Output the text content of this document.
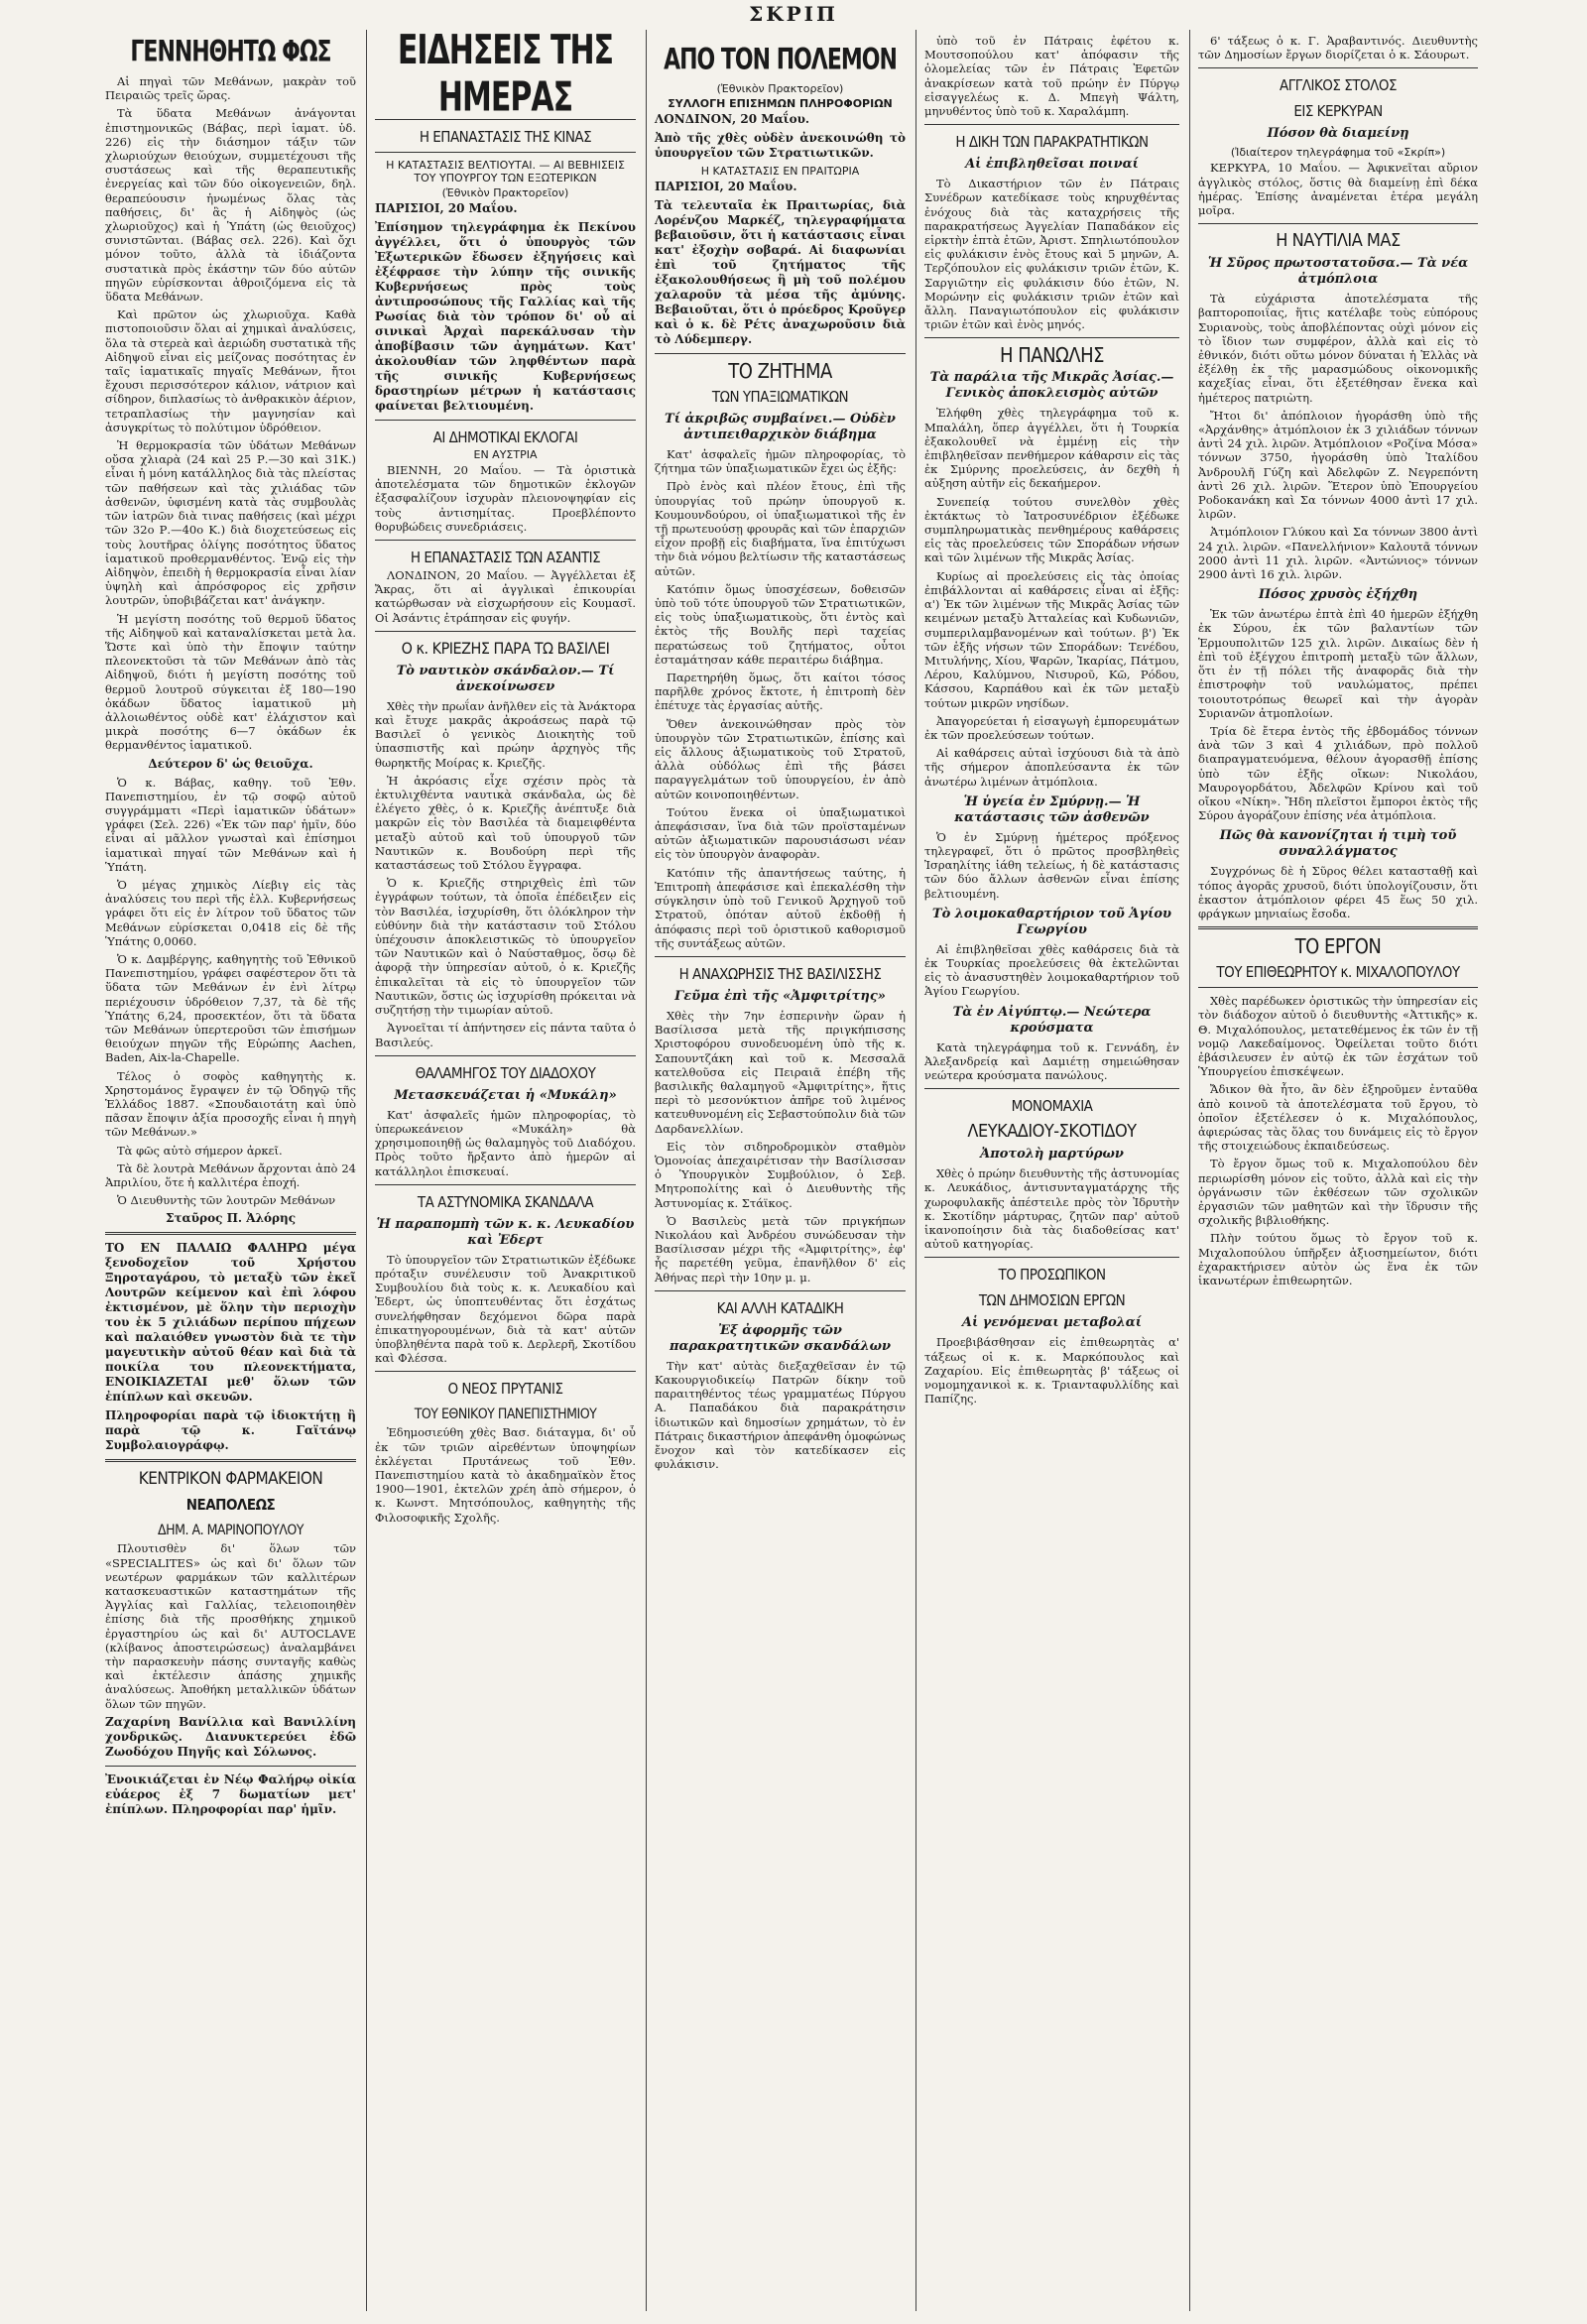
ΣΚΡΙΠ
ΓΕΝΝΗΘΗΤΩ ΦΩΣ

Αἱ πηγαὶ τῶν Μεθάνων, μακρὰν τοῦ Πειραιῶς τρεῖς ὥρας.

Τὰ ὕδατα Μεθάνων ἀνάγονται ἐπιστημονικῶς (Βάβας, περὶ ἰαματ. ὑδ. 226) εἰς τὴν διάσημον τάξιν τῶν χλωριούχων θειούχων, συμμετέχουσι τῆς συστάσεως καὶ τῆς θεραπευτικῆς ἐνεργείας καὶ τῶν δύο οἰκογενειῶν, δηλ. θεραπεύουσιν ἠνωμένως ὅλας τὰς παθήσεις, δι' ἃς ἡ Αἰδηψὸς (ὡς χλωριοῦχος) καὶ ἡ Ὑπάτη (ὡς θειοῦχος) συνιστῶνται. (Βάβας σελ. 226). Καὶ ὄχι μόνον τοῦτο, ἀλλὰ τὰ ἰδιάζοντα συστατικὰ πρὸς ἑκάστην τῶν δύο αὐτῶν πηγῶν εὑρίσκονται ἀθροιζόμενα εἰς τὰ ὕδατα Μεθάνων.

Καὶ πρῶτον ὡς χλωριοῦχα. Καθὰ πιστοποιοῦσιν ὅλαι αἱ χημικαὶ ἀναλύσεις, ὅλα τὰ στερεὰ καὶ ἀεριώδη συστατικὰ τῆς Αἰδηψοῦ εἶναι εἰς μείζονας ποσότητας ἐν ταῖς ἰαματικαῖς πηγαῖς Μεθάνων, ἤτοι ἔχουσι περισσότερον κάλιον, νάτριον καὶ σίδηρον, διπλασίως τὸ ἀνθρακικὸν ἀέριον, τετραπλασίως τὴν μαγνησίαν καὶ ἀσυγκρίτως τὸ πολύτιμον ὑδρόθειον.

Ἡ θερμοκρασία τῶν ὑδάτων Μεθάνων οὔσα χλιαρὰ (24 καὶ 25 Ρ.—30 καὶ 31Κ.) εἶναι ἡ μόνη κατάλληλος διὰ τὰς πλείστας τῶν παθήσεων καὶ τὰς χιλιάδας τῶν ἀσθενῶν, ὑφισμένη κατὰ τὰς συμβουλὰς τῶν ἰατρῶν διὰ τινας παθήσεις (καὶ μέχρι τῶν 32ο Ρ.—40ο Κ.) διὰ διοχετεύσεως εἰς τοὺς λουτῆρας ὀλίγης ποσότητος ὕδατος ἰαματικοῦ προθερμανθέντος. Ἐνῷ εἰς τὴν Αἰδηψὸν, ἐπειδὴ ἡ θερμοκρασία εἶναι λίαν ὑψηλὴ καὶ ἀπρόσφορος εἰς χρῆσιν λουτρῶν, ὑποβιβάζεται κατ' ἀνάγκην.

Ἡ μεγίστη ποσότης τοῦ θερμοῦ ὕδατος τῆς Αἰδηψοῦ καὶ καταναλίσκεται μετὰ λα. Ὥστε καὶ ὑπὸ τὴν ἔποψιν ταύτην πλεονεκτοῦσι τὰ τῶν Μεθάνων ἀπὸ τὰς Αἰδηψοῦ, διότι ἡ μεγίστη ποσότης τοῦ θερμοῦ λουτροῦ σύγκειται ἐξ 180—190 ὀκάδων ὕδατος ἰαματικοῦ μὴ ἀλλοιωθέντος οὐδὲ κατ' ἐλάχιστον καὶ μικρὰ ποσότης 6—7 ὀκάδων ἐκ θερμανθέντος ἰαματικοῦ.

Δεύτερον δ' ὡς θειοῦχα.

Ὁ κ. Βάβας, καθηγ. τοῦ Ἐθν. Πανεπιστημίου, ἐν τῷ σοφῷ αὐτοῦ συγγράμματι «Περὶ ἰαματικῶν ὑδάτων» γράφει (Σελ. 226) «Ἐκ τῶν παρ' ἡμῖν, δύο εἶναι αἱ μᾶλλον γνωσταὶ καὶ ἐπίσημοι ἰαματικαὶ πηγαί τῶν Μεθάνων καὶ ἡ Ὑπάτη.

Ὁ μέγας χημικὸς Λίεβιγ εἰς τὰς ἀναλύσεις του περὶ τῆς ἐλλ. Κυβερνήσεως γράφει ὅτι εἰς ἐν λίτρον τοῦ ὕδατος τῶν Μεθάνων εὑρίσκεται 0,0418 εἰς δὲ τῆς Ὑπάτης 0,0060.

Ὁ κ. Δαμβέργης, καθηγητὴς τοῦ Ἐθνικοῦ Πανεπιστημίου, γράφει σαφέστερον ὅτι τὰ ὕδατα τῶν Μεθάνων ἐν ἐνὶ λίτρῳ περιέχουσιν ὑδρόθειον 7,37, τὰ δὲ τῆς Ὑπάτης 6,24, προσεκτέον, ὅτι τὰ ὕδατα τῶν Μεθάνων ὑπερτεροῦσι τῶν ἐπισήμων θειούχων πηγῶν τῆς Εὐρώπης Aachen, Baden, Aix-la-Chapelle.

Τέλος ὁ σοφὸς καθηγητὴς κ. Χρηστομάνος ἔγραψεν ἐν τῷ Ὁδηγῷ τῆς Ἑλλάδος 1887. «Σπουδαιοτάτη καὶ ὑπὸ πᾶσαν ἔποψιν ἀξία προσοχῆς εἶναι ἡ πηγὴ τῶν Μεθάνων.»

Τὰ φῶς αὐτὸ σήμερον ἀρκεῖ.

Τὰ δὲ λουτρὰ Μεθάνων ἄρχονται ἀπὸ 24 Ἀπριλίου, ὅτε ἡ καλλιτέρα ἐποχή.

Ὁ Διευθυντὴς τῶν λουτρῶν Μεθάνων

Σταῦρος Π. Ἀλόρης

ΤΟ ΕΝ ΠΑΛΑΙΩ ΦΑΛΗΡΩ μέγα ξενοδοχεῖον τοῦ Χρήστου Ξηροταγάρου, τὸ μεταξὺ τῶν ἐκεῖ Λουτρῶν κείμενον καὶ ἐπὶ λόφου ἐκτισμένον, μὲ ὅλην τὴν περιοχὴν του ἐκ 5 χιλιάδων περίπου πήχεων καὶ παλαιόθεν γνωστὸν διὰ τε τὴν μαγευτικὴν αὐτοῦ θέαν καὶ διὰ τὰ ποικίλα του πλεονεκτήματα, ΕΝΟΙΚΙΑΖΕΤΑΙ μεθ' ὅλων τῶν ἐπίπλων καὶ σκευῶν.

Πληροφορίαι παρὰ τῷ ἰδιοκτήτῃ ἢ παρὰ τῷ κ. Γαϊτάνῳ Συμβολαιογράφῳ.

ΚΕΝΤΡΙΚΟΝ ΦΑΡΜΑΚΕΙΟΝ
ΝΕΑΠΟΛΕΩΣ
ΔΗΜ. Α. ΜΑΡΙΝΟΠΟΥΛΟΥ

Πλουτισθὲν δι' ὅλων τῶν «SPECIALITES» ὡς καὶ δι' ὅλων τῶν νεωτέρων φαρμάκων τῶν καλλιτέρων κατασκευαστικῶν καταστημάτων τῆς Ἀγγλίας καὶ Γαλλίας, τελειοποιηθὲν ἐπίσης διὰ τῆς προσθήκης χημικοῦ ἐργαστηρίου ὡς καὶ δι' AUTOCLAVE (κλίβανος ἀποστειρώσεως) ἀναλαμβάνει τὴν παρασκευὴν πάσης συνταγῆς καθὼς καὶ ἐκτέλεσιν ἁπάσης χημικῆς ἀναλύσεως. Ἀποθήκη μεταλλικῶν ὑδάτων ὅλων τῶν πηγῶν.

Ζαχαρίνη Βανίλλια καὶ Βανιλλίνη χονδρικῶς. Διανυκτερεύει ἐδῶ Ζωοδόχου Πηγῆς καὶ Σόλωνος.

Ἐνοικιάζεται ἐν Νέῳ Φαλήρῳ οἰκία εὐάερος ἐξ 7 δωματίων μετ' ἐπίπλων. Πληροφορίαι παρ' ἡμῖν.

ΕΙΔΗΣΕΙΣ ΤΗΣ ΗΜΕΡΑΣ
Η ΕΠΑΝΑΣΤΑΣΙΣ ΤΗΣ ΚΙΝΑΣ
Η ΚΑΤΑΣΤΑΣΙΣ ΒΕΛΤΙΟΥΤΑΙ. — ΑΙ ΒΕΒΗΙΣΕΙΣ ΤΟΥ ΥΠΟΥΡΓΟΥ ΤΩΝ ΕΞΩΤΕΡΙΚΩΝ
(Ἐθνικὸν Πρακτορεῖον)

ΠΑΡΙΣΙΟΙ, 20 Μαΐου.

Ἐπίσημον τηλεγράφημα ἐκ Πεκίνου ἀγγέλλει, ὅτι ὁ ὑπουργὸς τῶν Ἐξωτερικῶν ἔδωσεν ἐξηγήσεις καὶ ἐξέφρασε τὴν λύπην τῆς σινικῆς Κυβερνήσεως πρὸς τοὺς ἀντιπροσώπους τῆς Γαλλίας καὶ τῆς Ρωσίας διὰ τὸν τρόπον δι' οὗ αἱ σινικαὶ Ἀρχαὶ παρεκάλυσαν τὴν ἀποβίβασιν τῶν ἀγημάτων. Κατ' ἀκολουθίαν τῶν ληφθέντων παρὰ τῆς σινικῆς Κυβερνήσεως δραστηρίων μέτρων ἡ κατάστασις φαίνεται βελτιουμένη.

ΑΙ ΔΗΜΟΤΙΚΑΙ ΕΚΛΟΓΑΙ
ΕΝ ΑΥΣΤΡΙΑ

ΒΙΕΝΝΗ, 20 Μαΐου. — Τὰ ὁριστικὰ ἀποτελέσματα τῶν δημοτικῶν ἐκλογῶν ἐξασφαλίζουν ἰσχυρὰν πλειονοψηφίαν εἰς τοὺς ἀντισημίτας. Προεβλέποντο θορυβώδεις συνεδριάσεις.

Η ΕΠΑΝΑΣΤΑΣΙΣ ΤΩΝ ΑΣΑΝΤΙΣ

ΛΟΝΔΙΝΟΝ, 20 Μαΐου. — Ἀγγέλλεται ἐξ Ἄκρας, ὅτι αἱ ἀγγλικαὶ ἐπικουρίαι κατώρθωσαν νὰ εἰσχωρήσουν εἰς Κουμασῖ. Οἱ Ἀσάντις ἐτράπησαν εἰς φυγήν.

Ο κ. ΚΡΙΕΖΗΣ ΠΑΡΑ ΤΩ ΒΑΣΙΛΕΙ
Τὸ ναυτικὸν σκάνδαλον.— Τί ἀνεκοίνωσεν

Χθὲς τὴν πρωΐαν ἀνῆλθεν εἰς τὰ Ἀνάκτορα καὶ ἔτυχε μακρᾶς ἀκροάσεως παρὰ τῷ Βασιλεῖ ὁ γενικὸς Διοικητὴς τοῦ ὑπασπιστῆς καὶ πρώην ἀρχηγὸς τῆς θωρηκτῆς Μοίρας κ. Κριεζῆς.

Ἡ ἀκρόασις εἶχε σχέσιν πρὸς τὰ ἐκτυλιχθέντα ναυτικὰ σκάνδαλα, ὡς δὲ ἐλέγετο χθὲς, ὁ κ. Κριεζῆς ἀνέπτυξε διὰ μακρῶν εἰς τὸν Βασιλέα τὰ διαμειφθέντα μεταξὺ αὐτοῦ καὶ τοῦ ὑπουργοῦ τῶν Ναυτικῶν κ. Βουδούρη περὶ τῆς καταστάσεως τοῦ Στόλου ἔγγραφα.

Ὁ κ. Κριεζῆς στηριχθεὶς ἐπὶ τῶν ἐγγράφων τούτων, τὰ ὁποῖα ἐπέδειξεν εἰς τὸν Βασιλέα, ἰσχυρίσθη, ὅτι ὁλόκληρον τὴν εὐθύνην διὰ τὴν κατάστασιν τοῦ Στόλου ὑπέχουσιν ἀποκλειστικῶς τὸ ὑπουργεῖον τῶν Ναυτικῶν καὶ ὁ Ναύσταθμος, ὅσῳ δὲ ἀφορᾷ τὴν ὑπηρεσίαν αὐτοῦ, ὁ κ. Κριεζῆς ἐπικαλεῖται τὰ εἰς τὸ ὑπουργεῖον τῶν Ναυτικῶν, ὅστις ὡς ἰσχυρίσθη πρόκειται νὰ συζητήσῃ τὴν τιμωρίαν αὐτοῦ.

Ἀγνοεῖται τί ἀπήντησεν εἰς πάντα ταῦτα ὁ Βασιλεύς.

ΘΑΛΑΜΗΓΟΣ ΤΟΥ ΔΙΑΔΟΧΟΥ
Μετασκευάζεται ἡ «Μυκάλη»

Κατ' ἀσφαλεῖς ἡμῶν πληροφορίας, τὸ ὑπερωκεάνειον «Μυκάλη» θὰ χρησιμοποιηθῇ ὡς θαλαμηγὸς τοῦ Διαδόχου. Πρὸς τοῦτο ἤρξαντο ἀπὸ ἡμερῶν αἱ κατάλληλοι ἐπισκευαί.

ΤΑ ΑΣΤΥΝΟΜΙΚΑ ΣΚΑΝΔΑΛΑ
Ἡ παραπομπὴ τῶν κ. κ. Λευκαδίου καὶ Ἐδερτ

Τὸ ὑπουργεῖον τῶν Στρατιωτικῶν ἐξέδωκε πρόταξιν συνέλευσιν τοῦ Ἀνακριτικοῦ Συμβουλίου διὰ τοὺς κ. κ. Λευκαδίου καὶ Ἐδερτ, ὡς ὑποπτευθέντας ὅτι ἐσχάτως συνελήφθησαν δεχόμενοι δῶρα παρὰ ἐπικατηγορουμένων, διὰ τὰ κατ' αὐτῶν ὑποβληθέντα παρὰ τοῦ κ. Δερλερῆ, Σκοτίδου καὶ Φλέσσα.

Ο ΝΕΟΣ ΠΡΥΤΑΝΙΣ
ΤΟΥ ΕΘΝΙΚΟΥ ΠΑΝΕΠΙΣΤΗΜΙΟΥ

Ἐδημοσιεύθη χθὲς Βασ. διάταγμα, δι' οὗ ἐκ τῶν τριῶν αἱρεθέντων ὑποψηφίων ἐκλέγεται Πρυτάνεως τοῦ Ἐθν. Πανεπιστημίου κατὰ τὸ ἀκαδημαϊκὸν ἔτος 1900—1901, ἐκτελῶν χρέη ἀπὸ σήμερον, ὁ κ. Κωνστ. Μητσόπουλος, καθηγητὴς τῆς Φιλοσοφικῆς Σχολῆς.

ΑΠΟ ΤΟΝ ΠΟΛΕΜΟΝ
(Ἐθνικὸν Πρακτορεῖον)
ΣΥΛΛΟΓΗ ΕΠΙΣΗΜΩΝ ΠΛΗΡΟΦΟΡΙΩΝ

ΛΟΝΔΙΝΟΝ, 20 Μαΐου.

Ἀπὸ τῆς χθὲς οὐδὲν ἀνεκοινώθη τὸ ὑπουργεῖον τῶν Στρατιωτικῶν.

Η ΚΑΤΑΣΤΑΣΙΣ ΕΝ ΠΡΑΙΤΩΡΙΑ

ΠΑΡΙΣΙΟΙ, 20 Μαΐου.

Τὰ τελευταῖα ἐκ Πραιτωρίας, διὰ Λορένζου Μαρκέζ, τηλεγραφήματα βεβαιοῦσιν, ὅτι ἡ κατάστασις εἶναι κατ' ἐξοχὴν σοβαρά. Αἱ διαφωνίαι ἐπὶ τοῦ ζητήματος τῆς ἐξακολουθήσεως ἢ μὴ τοῦ πολέμου χαλαροῦν τὰ μέσα τῆς ἀμύνης. Βεβαιοῦται, ὅτι ὁ πρόεδρος Κροῦγερ καὶ ὁ κ. δὲ Ρέτς ἀναχωροῦσιν διὰ τὸ Λύδεμπεργ.

ΤΟ ΖΗΤΗΜΑ
ΤΩΝ ΥΠΑΞΙΩΜΑΤΙΚΩΝ
Τί ἀκριβῶς συμβαίνει.— Οὐδὲν ἀντιπειθαρχικὸν διάβημα

Κατ' ἀσφαλεῖς ἡμῶν πληροφορίας, τὸ ζήτημα τῶν ὑπαξιωματικῶν ἔχει ὡς ἑξῆς:

Πρὸ ἑνὸς καὶ πλέον ἔτους, ἐπὶ τῆς ὑπουργίας τοῦ πρώην ὑπουργοῦ κ. Κουμουνδούρου, οἱ ὑπαξιωματικοὶ τῆς ἐν τῇ πρωτευούσῃ φρουρᾶς καὶ τῶν ἐπαρχιῶν εἶχον προβῇ εἰς διαβήματα, ἵνα ἐπιτύχωσι τὴν διὰ νόμου βελτίωσιν τῆς καταστάσεως αὐτῶν.

Κατόπιν ὅμως ὑποσχέσεων, δοθεισῶν ὑπὸ τοῦ τότε ὑπουργοῦ τῶν Στρατιωτικῶν, εἰς τοὺς ὑπαξιωματικοὺς, ὅτι ἐντὸς καὶ ἐκτὸς τῆς Βουλῆς περὶ ταχείας περατώσεως τοῦ ζητήματος, οὗτοι ἐσταμάτησαν κάθε περαιτέρω διάβημα.

Παρετηρήθη ὅμως, ὅτι καίτοι τόσος παρῆλθε χρόνος ἔκτοτε, ἡ ἐπιτροπὴ δὲν ἐπέτυχε τὰς ἐργασίας αὐτῆς.

Ὅθεν ἀνεκοινώθησαν πρὸς τὸν ὑπουργὸν τῶν Στρατιωτικῶν, ἐπίσης καὶ εἰς ἄλλους ἀξιωματικοὺς τοῦ Στρατοῦ, ἀλλὰ οὐδόλως ἐπὶ τῆς βάσει παραγγελμάτων τοῦ ὑπουργείου, ἐν ἀπὸ αὐτῶν κοινοποιηθέντων.

Τούτου ἕνεκα οἱ ὑπαξιωματικοὶ ἀπεφάσισαν, ἵνα διὰ τῶν προϊσταμένων αὐτῶν ἀξιωματικῶν παρουσιάσωσι νέαν εἰς τὸν ὑπουργὸν ἀναφορὰν.

Κατόπιν τῆς ἀπαντήσεως ταύτης, ἡ Ἐπιτροπὴ ἀπεφάσισε καὶ ἐπεκαλέσθη τὴν σύγκλησιν ὑπὸ τοῦ Γενικοῦ Ἀρχηγοῦ τοῦ Στρατοῦ, ὁπόταν αὐτοῦ ἐκδοθῇ ἡ ἀπόφασις περὶ τοῦ ὁριστικοῦ καθορισμοῦ τῆς συντάξεως αὐτῶν.

Η ΑΝΑΧΩΡΗΣΙΣ ΤΗΣ ΒΑΣΙΛΙΣΣΗΣ
Γεῦμα ἐπὶ τῆς «Ἀμφιτρίτης»

Χθὲς τὴν 7ην ἑσπερινὴν ὥραν ἡ Βασίλισσα μετὰ τῆς πριγκήπισσης Χριστοφόρου συνοδευομένη ὑπὸ τῆς κ. Σαπουντζάκη καὶ τοῦ κ. Μεσσαλᾶ κατελθοῦσα εἰς Πειραιᾶ ἐπέβη τῆς βασιλικῆς θαλαμηγοῦ «Ἀμφιτρίτης», ἥτις περὶ τὸ μεσονύκτιον ἀπῆρε τοῦ λιμένος κατευθυνομένη εἰς Σεβαστούπολιν διὰ τῶν Δαρδανελλίων.

Εἰς τὸν σιδηροδρομικὸν σταθμὸν Ὁμονοίας ἀπεχαιρέτισαν τὴν Βασίλισσαν ὁ Ὑπουργικὸν Συμβούλιον, ὁ Σεβ. Μητροπολίτης καὶ ὁ Διευθυντὴς τῆς Ἀστυνομίας κ. Στάϊκος.

Ὁ Βασιλεὺς μετὰ τῶν πριγκήπων Νικολάου καὶ Ἀνδρέου συνώδευσαν τὴν Βασίλισσαν μέχρι τῆς «Ἀμφιτρίτης», ἐφ' ἧς παρετέθη γεῦμα, ἐπανῆλθον δ' εἰς Ἀθήνας περὶ τὴν 10ην μ. μ.

ΚΑΙ ΑΛΛΗ ΚΑΤΑΔΙΚΗ
Ἐξ ἀφορμῆς τῶν παρακρατητικῶν σκανδάλων

Τὴν κατ' αὐτὰς διεξαχθεῖσαν ἐν τῷ Κακουργιοδικείῳ Πατρῶν δίκην τοῦ παραιτηθέντος τέως γραμματέως Πύργου Α. Παπαδάκου διὰ παρακράτησιν ἰδιωτικῶν καὶ δημοσίων χρημάτων, τὸ ἐν Πάτραις δικαστήριον ἀπεφάνθη ὁμοφώνως ἔνοχον καὶ τὸν κατεδίκασεν εἰς φυλάκισιν.

ὑπὸ τοῦ ἐν Πάτραις ἐφέτου κ. Μουτσοπούλου κατ' ἀπόφασιν τῆς ὁλομελείας τῶν ἐν Πάτραις Ἐφετῶν ἀνακρίσεων κατὰ τοῦ πρώην ἐν Πύργῳ εἰσαγγελέως κ. Δ. Μπεγὴ Ψάλτη, μηνυθέντος ὑπὸ τοῦ κ. Χαραλάμπη.

Η ΔΙΚΗ ΤΩΝ ΠΑΡΑΚΡΑΤΗΤΙΚΩΝ
Αἱ ἐπιβληθεῖσαι ποιναί

Τὸ Δικαστήριον τῶν ἐν Πάτραις Συνέδρων κατεδίκασε τοὺς κηρυχθέντας ἐνόχους διὰ τὰς καταχρήσεις τῆς παρακρατήσεως Ἀγγελίαν Παπαδάκον εἰς εἱρκτὴν ἑπτὰ ἐτῶν, Ἀριστ. Σπηλιωτόπουλον εἰς φυλάκισιν ἑνὸς ἔτους καὶ 5 μηνῶν, Α. Τερζόπουλον εἰς φυλάκισιν τριῶν ἐτῶν, Κ. Σαργιῶτην εἰς φυλάκισιν δύο ἐτῶν, Ν. Μορώνην εἰς φυλάκισιν τριῶν ἐτῶν καὶ ἄλλη. Παναγιωτόπουλον εἰς φυλάκισιν τριῶν ἐτῶν καὶ ἑνὸς μηνός.

Η ΠΑΝΩΛΗΣ
Τὰ παράλια τῆς Μικρᾶς Ἀσίας.— Γενικὸς ἀποκλεισμὸς αὐτῶν

Ἐλήφθη χθὲς τηλεγράφημα τοῦ κ. Μπαλάλη, ὅπερ ἀγγέλλει, ὅτι ἡ Τουρκία ἐξακολουθεῖ νὰ ἐμμένῃ εἰς τὴν ἐπιβληθεῖσαν πενθήμερον κάθαρσιν εἰς τὰς ἐκ Σμύρνης προελεύσεις, ἀν δεχθὴ ἡ αὐξηση αὐτῆν εἰς δεκαήμερον.

Συνεπείᾳ τούτου συνελθὸν χθὲς ἐκτάκτως τὸ Ἰατροσυνέδριον ἐξέδωκε συμπληρωματικὰς πενθημέρους καθάρσεις εἰς τὰς προελεύσεις τῶν Σποράδων νήσων καὶ τῶν λιμένων τῆς Μικρᾶς Ἀσίας.

Κυρίως αἱ προελεύσεις εἰς τὰς ὁποίας ἐπιβάλλονται αἱ καθάρσεις εἶναι αἱ ἑξῆς: α') Ἐκ τῶν λιμένων τῆς Μικρᾶς Ἀσίας τῶν κειμένων μεταξὺ Ἀτταλείας καὶ Κυδωνιῶν, συμπεριλαμβανομένων καὶ τούτων. β') Ἐκ τῶν ἑξῆς νήσων τῶν Σποράδων: Τενέδου, Μιτυλήνης, Χίου, Ψαρῶν, Ἰκαρίας, Πάτμου, Λέρου, Καλύμνου, Νισυροῦ, Κῶ, Ρόδου, Κάσσου, Καρπάθου καὶ ἐκ τῶν μεταξὺ τούτων μικρῶν νησίδων.

Ἀπαγορεύεται ἡ εἰσαγωγὴ ἐμπορευμάτων ἐκ τῶν προελεύσεων τούτων.

Αἱ καθάρσεις αὐταὶ ἰσχύουσι διὰ τὰ ἀπὸ τῆς σήμερον ἀποπλεύσαντα ἐκ τῶν ἀνωτέρω λιμένων ἀτμόπλοια.

Ἡ ὑγεία ἐν Σμύρνῃ.— Ἡ κατάστασις τῶν ἀσθενῶν

Ὁ ἐν Σμύρνῃ ἡμέτερος πρόξενος τηλεγραφεῖ, ὅτι ὁ πρῶτος προσβληθεὶς Ἰσραηλίτης ἰάθη τελείως, ἡ δὲ κατάστασις τῶν δύο ἄλλων ἀσθενῶν εἶναι ἐπίσης βελτιουμένη.

Τὸ λοιμοκαθαρτήριον τοῦ Ἁγίου Γεωργίου

Αἱ ἐπιβληθεῖσαι χθὲς καθάρσεις διὰ τὰ ἐκ Τουρκίας προελεύσεις θὰ ἐκτελῶνται εἰς τὸ ἀνασυστηθὲν λοιμοκαθαρτήριον τοῦ Ἁγίου Γεωργίου.

Τὰ ἐν Αἰγύπτῳ.— Νεώτερα κρούσματα

Κατὰ τηλεγράφημα τοῦ κ. Γεννάδη, ἐν Ἀλεξανδρείᾳ καὶ Δαμιέτῃ σημειώθησαν νεώτερα κρούσματα πανώλους.

ΜΟΝΟΜΑΧΙΑ
ΛΕΥΚΑΔΙΟΥ-ΣΚΟΤΙΔΟΥ
Ἀποτολὴ μαρτύρων

Χθὲς ὁ πρώην διευθυντὴς τῆς ἀστυνομίας κ. Λευκάδιος, ἀντισυνταγματάρχης τῆς χωροφυλακῆς ἀπέστειλε πρὸς τὸν Ἰδρυτὴν κ. Σκοτίδην μάρτυρας, ζητῶν παρ' αὐτοῦ ἱκανοποίησιν διὰ τὰς διαδοθείσας κατ' αὐτοῦ κατηγορίας.

ΤΟ ΠΡΟΣΩΠΙΚΟΝ
ΤΩΝ ΔΗΜΟΣΙΩΝ ΕΡΓΩΝ
Αἱ γενόμεναι μεταβολαί

Προεβιβάσθησαν εἰς ἐπιθεωρητὰς α' τάξεως οἱ κ. κ. Μαρκόπουλος καὶ Ζαχαρίου. Εἰς ἐπιθεωρητὰς β' τάξεως οἱ νομομηχανικοὶ κ. κ. Τριανταφυλλίδης καὶ Παπίζης.

6' τάξεως ὁ κ. Γ. Ἀραβαντινός. Διευθυντὴς τῶν Δημοσίων ἔργων διορίζεται ὁ κ. Σάουρωτ.

ΑΓΓΛΙΚΟΣ ΣΤΟΛΟΣ
ΕΙΣ ΚΕΡΚΥΡΑΝ
Πόσον θὰ διαμείνῃ
(Ἰδιαίτερον τηλεγράφημα τοῦ «Σκρίπ»)

ΚΕΡΚΥΡΑ, 10 Μαΐου. — Ἀφικνεῖται αὔριον ἀγγλικὸς στόλος, ὅστις θὰ διαμείνῃ ἐπὶ δέκα ἡμέρας. Ἐπίσης ἀναμένεται ἐτέρα μεγάλη μοῖρα.

Η ΝΑΥΤΙΛΙΑ ΜΑΣ
Ἡ Σῦρος πρωτοστατοῦσα.— Τὰ νέα ἀτμόπλοια

Τὰ εὐχάριστα ἀποτελέσματα τῆς βαπτοροποιΐας, ἥτις κατέλαβε τοὺς εὐπόρους Συριανοὺς, τοὺς ἀποβλέποντας οὐχὶ μόνον εἰς τὸ ἴδιον των συμφέρον, ἀλλὰ καὶ εἰς τὸ ἐθνικόν, διότι οὕτω μόνον δύναται ἡ Ἑλλὰς νὰ ἐξέλθῃ ἐκ τῆς μαρασμώδους οἰκονομικῆς καχεξίας εἶναι, ὅτι ἐξετέθησαν ἕνεκα καὶ ἠμέτερος πατριὼτη.

Ἤτοι δι' ἀπόπλοιον ἠγοράσθη ὑπὸ τῆς «Ἀρχάνθης» ἀτμόπλοιον ἐκ 3 χιλιάδων τόννων ἀντὶ 24 χιλ. λιρῶν. Ἀτμόπλοιον «Ροζίνα Μόσα» τόννων 3750, ἠγοράσθη ὑπὸ Ἰταλίδου Ἀνδρουλῆ Γύζη καὶ Ἀδελφῶν Ζ. Νεγρεπόντη ἀντὶ 26 χιλ. λιρῶν. Ἕτερον ὑπὸ Ἐπουργείου Ροδοκανάκη καὶ Σα τόννων 4000 ἀντὶ 17 χιλ. λιρῶν.

Ἀτμόπλοιον Γλύκου καὶ Σα τόννων 3800 ἀντὶ 24 χιλ. λιρῶν. «Πανελλήνιον» Καλουτᾶ τόννων 2000 ἀντὶ 11 χιλ. λιρῶν. «Ἀντώνιος» τόννων 2900 ἀντὶ 16 χιλ. λιρῶν.

Πόσος χρυσὸς ἐξήχθη

Ἐκ τῶν ἀνωτέρω ἐπτὰ ἐπὶ 40 ἡμερῶν ἐξήχθη ἐκ Σύρου, ἐκ τῶν βαλαντίων τῶν Ἑρμουπολιτῶν 125 χιλ. λιρῶν. Δικαίως δὲν ἡ ἐπὶ τοῦ ἐξέγχου ἐπιτροπὴ μεταξὺ τῶν ἄλλων, ὅτι ἐν τῇ πόλει τῆς ἀναφορᾶς διὰ τὴν ἐπιστροφὴν τοῦ ναυλώματος, πρέπει τοιουτοτρόπως θεωρεῖ καὶ τὴν ἀγορὰν Συριανῶν ἀτμοπλοίων.

Τρία δὲ ἔτερα ἐντὸς τῆς ἑβδομάδος τόννων ἀνὰ τῶν 3 καὶ 4 χιλιάδων, πρὸ πολλοῦ διαπραγματευόμενα, θέλουν ἀγορασθῇ ἐπίσης ὑπὸ τῶν ἑξῆς οἴκων: Νικολάου, Μαυρογορδάτου, Ἀδελφῶν Κρίνου καὶ τοῦ οἴκου «Νίκη». Ἤδη πλεῖστοι ἔμποροι ἐκτὸς τῆς Σύρου ἀγοράζουν ἐπίσης νέα ἀτμόπλοια.

Πῶς θὰ κανονίζηται ἡ τιμὴ τοῦ συναλλάγματος

Συγχρόνως δὲ ἡ Σῦρος θέλει κατασταθῇ καὶ τόπος ἀγορᾶς χρυσοῦ, διότι ὑπολογίζουσιν, ὅτι ἑκαστον ἀτμόπλοιον φέρει 45 ἕως 50 χιλ. φράγκων μηνιαίως ἔσοδα.

ΤΟ ΕΡΓΟΝ
ΤΟΥ ΕΠΙΘΕΩΡΗΤΟΥ κ. ΜΙΧΑΛΟΠΟΥΛΟΥ

Χθὲς παρέδωκεν ὀριστικῶς τὴν ὑπηρεσίαν εἰς τὸν διάδοχον αὐτοῦ ὁ διευθυντὴς «Ἀττικῆς» κ. Θ. Μιχαλόπουλος, μετατεθέμενος ἐκ τῶν ἐν τῇ νομῷ Λακεδαίμονος. Ὀφείλεται τοῦτο διότι ἐβάσιλευσεν ἐν αὐτῷ ἐκ τῶν ἐσχάτων τοῦ Ὑπουργείου ἐπισκέψεων.

Ἄδικον θὰ ἦτο, ἂν δὲν ἐξηροῦμεν ἐνταῦθα ἀπὸ κοινοῦ τὰ ἀποτελέσματα τοῦ ἔργου, τὸ ὁποῖον ἐξετέλεσεν ὁ κ. Μιχαλόπουλος, ἀφιερώσας τὰς ὅλας του δυνάμεις εἰς τὸ ἔργον τῆς στοιχειώδους ἐκπαιδεύσεως.

Τὸ ἔργον ὅμως τοῦ κ. Μιχαλοπούλου δὲν περιωρίσθη μόνον εἰς τοῦτο, ἀλλὰ καὶ εἰς τὴν ὀργάνωσιν τῶν ἐκθέσεων τῶν σχολικῶν ἐργασιῶν τῶν μαθητῶν καὶ τὴν ἵδρυσιν τῆς σχολικῆς βιβλιοθήκης.

Πλὴν τούτου ὅμως τὸ ἔργον τοῦ κ. Μιχαλοπούλου ὑπῆρξεν ἀξιοσημείωτον, διότι ἐχαρακτήρισεν αὐτὸν ὡς ἕνα ἐκ τῶν ἱκανωτέρων ἐπιθεωρητῶν.
